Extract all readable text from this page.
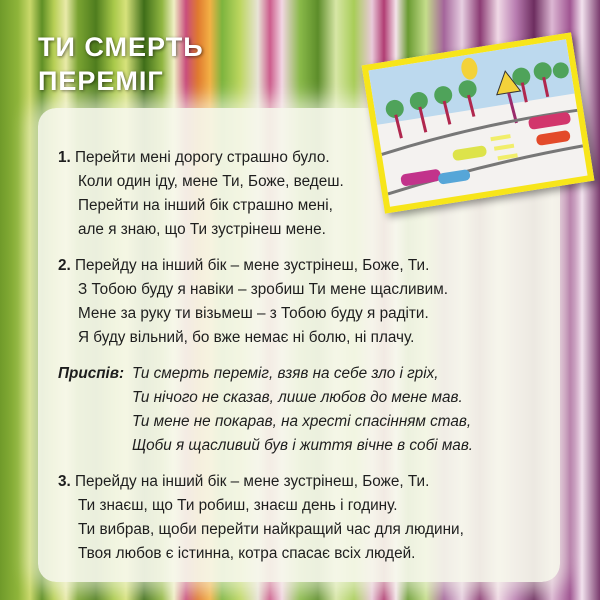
ТИ СМЕРТЬ
ПЕРЕМІГ
1. Перейти мені дорогу страшно було.
Коли один іду, мене Ти, Боже, ведеш.
Перейти на інший бік страшно мені,
але я знаю, що Ти зустрінеш мене.
2. Перейду на інший бік – мене зустрінеш, Боже, Ти.
З Тобою буду я навіки – зробиш Ти мене щасливим.
Мене за руку ти візьмеш – з Тобою буду я радіти.
Я буду вільний, бо вже немає ні болю, ні плачу.
Приспів: Ти смерть переміг, взяв на себе зло і гріх,
Ти нічого не сказав, лише любов до мене мав.
Ти мене не покарав, на хресті спасінням став,
Щоби я щасливий був і життя вічне в собі мав.
3. Перейду на інший бік – мене зустрінеш, Боже, Ти.
Ти знаєш, що Ти робиш, знаєш день і годину.
Ти вибрав, щоби перейти найкращий час для людини,
Твоя любов є істинна, котра спасає всіх людей.
